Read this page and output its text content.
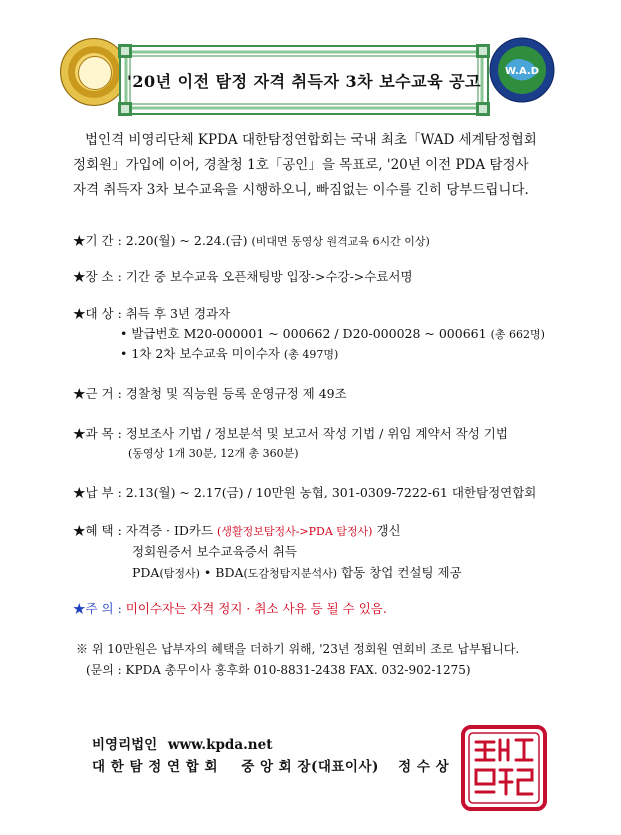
W.A.D
'20년 이전 탐정 자격 취득자 3차 보수교육 공고
법인격 비영리단체 KPDA 대한탐정연합회는 국내 최초「WAD 세계탐정협회
정회원」가입에 이어, 경찰청 1호「공인」을 목표로, '20년 이전 PDA 탐정사
자격 취득자 3차 보수교육을 시행하오니, 빠짐없는 이수를 긴히 당부드립니다.
★기 간 : 2.20(월) ~ 2.24.(금) (비대면 동영상 원격교육 6시간 이상)
★장 소 : 기간 중 보수교육 오픈채팅방 입장->수강->수료서명
★대 상 : 취득 후 3년 경과자
• 발급번호 M20-000001 ~ 000662 / D20-000028 ~ 000661 (총 662명)
• 1차 2차 보수교육 미이수자 (총 497명)
★근 거 : 경찰청 및 직능원 등록 운영규정 제 49조
★과 목 : 정보조사 기법 / 정보분석 및 보고서 작성 기법 / 위임 계약서 작성 기법
(동영상 1개 30분, 12개 총 360분)
★납 부 : 2.13(월) ~ 2.17(금) / 10만원 농협, 301-0309-7222-61 대한탐정연합회
★혜 택 : 자격증 · ID카드 (생활정보탐정사->PDA 탐정사) 갱신
정회원증서 보수교육증서 취득
PDA(탐정사) • BDA(도감청탐지분석사) 합동 창업 컨설팅 제공
★주 의 : 미이수자는 자격 정지 · 취소 사유 등 될 수 있음.
※ 위 10만원은 납부자의 혜택을 더하기 위해, '23년 정회원 연회비 조로 납부됩니다.
(문의 : KPDA 총무이사 홍후화 010-8831-2438 FAX. 032-902-1275)
비영리법인 www.kpda.net
대 한 탐 정 연 합 회 중 앙 회 장(대표이사) 정 수 상
